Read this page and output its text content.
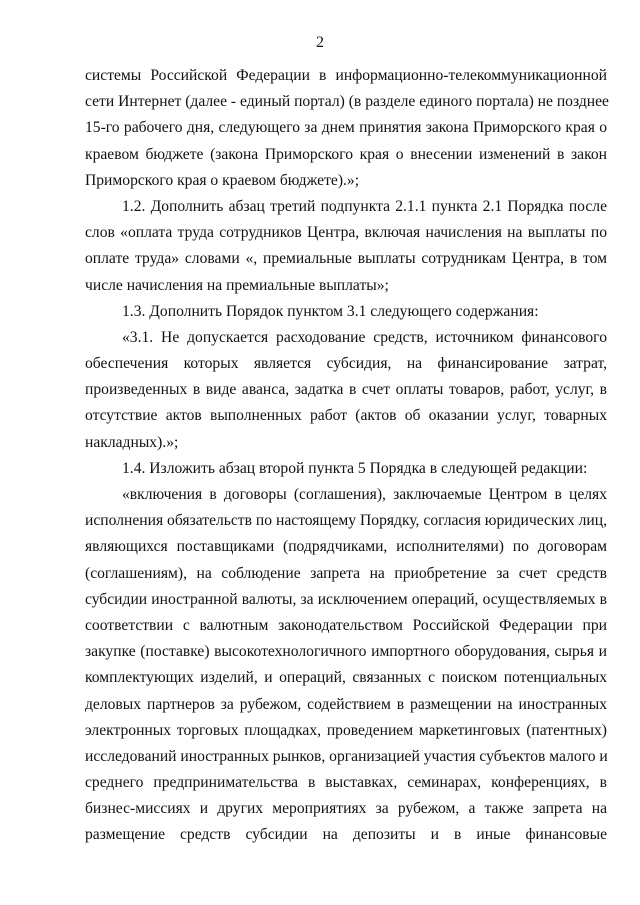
2
системы Российской Федерации в информационно-телекоммуникационной
сети Интернет (далее - единый портал) (в разделе единого портала) не позднее
15-го рабочего дня, следующего за днем принятия закона Приморского края о
краевом бюджете (закона Приморского края о внесении изменений в закон
Приморского края о краевом бюджете).»;
1.2. Дополнить абзац третий подпункта 2.1.1 пункта 2.1 Порядка после
слов «оплата труда сотрудников Центра, включая начисления на выплаты по
оплате труда» словами «, премиальные выплаты сотрудникам Центра, в том
числе начисления на премиальные выплаты»;
1.3. Дополнить Порядок пунктом 3.1 следующего содержания:
«3.1. Не допускается расходование средств, источником финансового
обеспечения которых является субсидия, на финансирование затрат,
произведенных в виде аванса, задатка в счет оплаты товаров, работ, услуг, в
отсутствие актов выполненных работ (актов об оказании услуг, товарных
накладных).»;
1.4. Изложить абзац второй пункта 5 Порядка в следующей редакции:
«включения в договоры (соглашения), заключаемые Центром в целях
исполнения обязательств по настоящему Порядку, согласия юридических лиц,
являющихся поставщиками (подрядчиками, исполнителями) по договорам
(соглашениям), на соблюдение запрета на приобретение за счет средств
субсидии иностранной валюты, за исключением операций, осуществляемых в
соответствии с валютным законодательством Российской Федерации при
закупке (поставке) высокотехнологичного импортного оборудования, сырья и
комплектующих изделий, и операций, связанных с поиском потенциальных
деловых партнеров за рубежом, содействием в размещении на иностранных
электронных торговых площадках, проведением маркетинговых (патентных)
исследований иностранных рынков, организацией участия субъектов малого и
среднего предпринимательства в выставках, семинарах, конференциях, в
бизнес-миссиях и других мероприятиях за рубежом, а также запрета на
размещение средств субсидии на депозиты и в иные финансовые
